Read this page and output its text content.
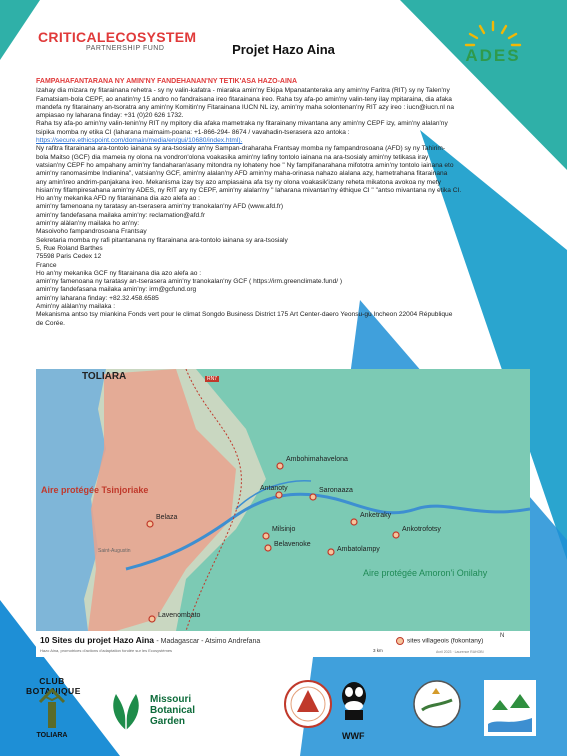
CRITICALECOSYSTEM
PARTNERSHIP FUND	Projet Hazo Aina	ADES
FAMPAHAFANTARANA NY AMIN'NY FANDEHANAN'NY TETIK'ASA HAZO-AINA
Izahay dia mizara ny fitarainana rehetra - sy ny valin-kafatra - miaraka amin'ny Ekipa Mpanatanteraka any amin'ny Faritra (RIT) sy ny Talen'ny
Famatsiam-bola CEPF, ao anatin'ny 15 andro no fandraisana ireo fitarainana ireo. Raha tsy afa-po amin'ny valin-teny ilay mpitaraina, dia afaka
mandefa ny fitarainany an-tsoratra any amin'ny Komitin'ny Fitarainana IUCN NL izy, amin'ny maha solontenan'ny RIT azy ireo : iucn@iucn.nl na
ampiasao ny laharana finday: +31 (0)20 626 1732.
Raha tsy afa-po amin'ny valin-tenin'ny RIT ny mpitory dia afaka mametraka ny fitarainany mivantana any amin'ny CEPF izy, amin'ny alalan'ny
tsipika momba ny etika CI (laharana maimaim-poana: +1-866-294- 8674 / vavahadin-tserasera azo antoka :
https://secure.ethicspoint.com/domain/media/en/gui/10680/index.html).
Ny rafitra fitarainana ara-tontolo iainana sy ara-tsosialy an'ny Sampan-draharaha Frantsay momba ny fampandrosoana (AFD) sy ny Tahirim-
bola Maitso (GCF) dia mameia ny olona na vondron'olona voakasika amin'ny lafiny tontolo iainana na ara-tsosialy amin'ny tetikasa iray
vatsian'ny CEPF ho ampahany amin'ny fandaharan'asany mitondra ny lohateny hoe " Ny fampifanarahana mifototra amin'ny tontolo iainana eto
amin'ny ranomasimbe Indianina", vatsian'ny GCF, amin'ny alalan'ny AFD amin'ny maha-orinasa nahazo alalana azy, hametrahana fitarainana
any amin'ireo andrim-panjakana ireo. Mekanisma izay tsy azo ampiasaina afa tsy ny olona voakasik'izany reheta mikatona avokoa ny mety
hisian'ny fifampiresahana amin'ny ADES, ny RIT ary ny CEPF, amin'ny alalan'ny " laharana mivantan'ny éthique CI " "antso mivantana ny etika CI.
Ho an'ny mekanika AFD ny fitarainana dia azo alefa ao :
amin'ny famenoana ny taratasy an-tserasera amin'ny tranokalan'ny AFD (www.afd.fr)
amin'ny fandefasana mailaka amin'ny: reclamation@afd.fr
amin'ny alàlan'ny mailaka ho an'ny:
Masoivoho fampandrosoana Frantsay
Sekretaria momba ny rafi pitantanana ny fitarainana ara-tontolo iainana sy ara-tsosialy
5, Rue Roland Barthes
75598 Paris Cedex 12
France
Ho an'ny mekanika GCF ny fitarainana dia azo alefa ao :
amin'ny famenoana ny taratasy an-tserasera amin'ny tranokalan'ny GCF ( https://irm.greenclimate.fund/ )
amin'ny fandefasana mailaka amin'ny: irm@gcfund.org
amin'ny laharana finday: +82.32.458.6585
Amin'ny alàlan'ny mailaka :
Mekanisma antso tsy miankina Fonds vert pour le climat Songdo Business District 175 Art Center-daero Yeonsu-gu Incheon 22004 République
de Corée.
TOLIARA	RN7
Aire protégée Tsinjoriake
Aire protégée Amoron'i Onilahy
Saint-Augustin
Ambohimahavelona
Antanoty	Saronaaza
Anketraky
Belaza
Milsinjo
Belavenoke
Ankotrofotsy
Ambatolampy
Lavenombato
10 Sites du projet Hazo Aina - Madagascar - Atsimo Andrefana
Hazo Aina, promotrices d'actions d'adaptation fondée sur les Ecosystèmes
sites villageois (fokontany)
3 km	Avril 2023 · Laurence RAHOBI
N
CLUB BOTANIQUE
TOLIARA
Missouri
Botanical
Garden
WWF
